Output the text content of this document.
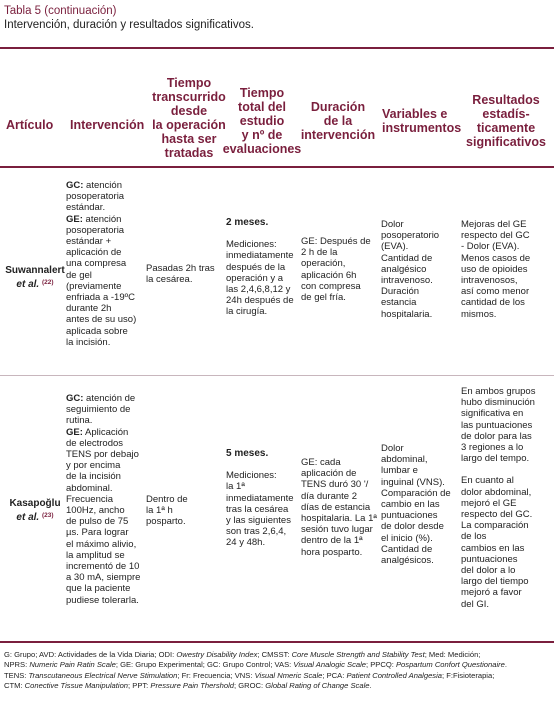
Tabla 5 (continuación)
Intervención, duración y resultados significativos.
Artículo	Intervención
Tiempo
transcurrido
desde
la operación
hasta ser
tratadas
Tiempo
total del
estudio
y nº de
evaluaciones
Duración
de la
intervención
Variables e
instrumentos
Resultados
estadís-
ticamente
significativos
Suwannalert
et al. $^{(22)}$
GC: atención
posoperatoria
estándar.
GE: atención
posoperatoria
estándar +
aplicación de
una compresa
de gel
(previamente
enfriada a -19ºC
durante 2h
antes de su uso)
aplicada sobre
la incisión.
Pasadas 2h tras
la cesárea.
2 meses.
Mediciones:
inmediatamente
después de la
operación y a
las 2,4,6,8,12 y
24h después de
la cirugía.
GE: Después de
2 h de la
operación,
aplicación 6h
con compresa
de gel fría.
Dolor
posoperatorio
(EVA).
Cantidad de
analgésico
intravenoso.
Duración
estancia
hospitalaria.
Mejoras del GE
respecto del GC
- Dolor (EVA).
Menos casos de
uso de opioides
intravenosos,
así como menor
cantidad de los
mismos.
Kasapoğlu
et al. $^{(23)}$
GC: atención de
seguimiento de
rutina.
GE: Aplicación
de electrodos
TENS por debajo
y por encima
de la incisión
abdominal.
Frecuencia
100Hz, ancho
de pulso de 75
µs. Para lograr
el máximo alivio,
la amplitud se
incrementó de 10
a 30 mA, siempre
que la paciente
pudiese tolerarla.
Dentro de
la 1ª h
posparto.
5 meses.
Mediciones:
la 1ª
inmediatamente
tras la cesárea
y las siguientes
son tras 2,6,4,
24 y 48h.
GE: cada
aplicación de
TENS duró 30 '/
día durante 2
días de estancia
hospitalaria. La 1ª
sesión tuvo lugar
dentro de la 1ª
hora posparto.
Dolor
abdominal,
lumbar e
inguinal (VNS).
Comparación de
cambio en las
puntuaciones
de dolor desde
el inicio (%).
Cantidad de
analgésicos.
En ambos grupos
hubo disminución
significativa en
las puntuaciones
de dolor para las
3 regiones a lo
largo del tempo.
En cuanto al
dolor abdominal,
mejoró el GE
respecto del GC.
La comparación
de los
cambios en las
puntuaciones
del dolor a lo
largo del tiempo
mejoró a favor
del GI.
G: Grupo; AVD: Actividades de la Vida Diaria; ODI: Owestry Disability Index; CMSST: Core Muscle Strength and Stability Test; Med: Medición;
NPRS: Numeric Pain Ratin Scale; GE: Grupo Experimental; GC: Grupo Control; VAS: Visual Analogic Scale; PPCQ: Pospartum Confort Questionaire.
TENS: Transcutaneous Electrical Nerve Stimulation; Fr: Frecuencia; VNS: Visual Nmeric Scale; PCA: Patient Controlled Analgesia; F:Fisioterapia;
CTM: Conective Tissue Manipulation; PPT: Pressure Pain Thershold; GROC: Global Rating of Change Scale.
